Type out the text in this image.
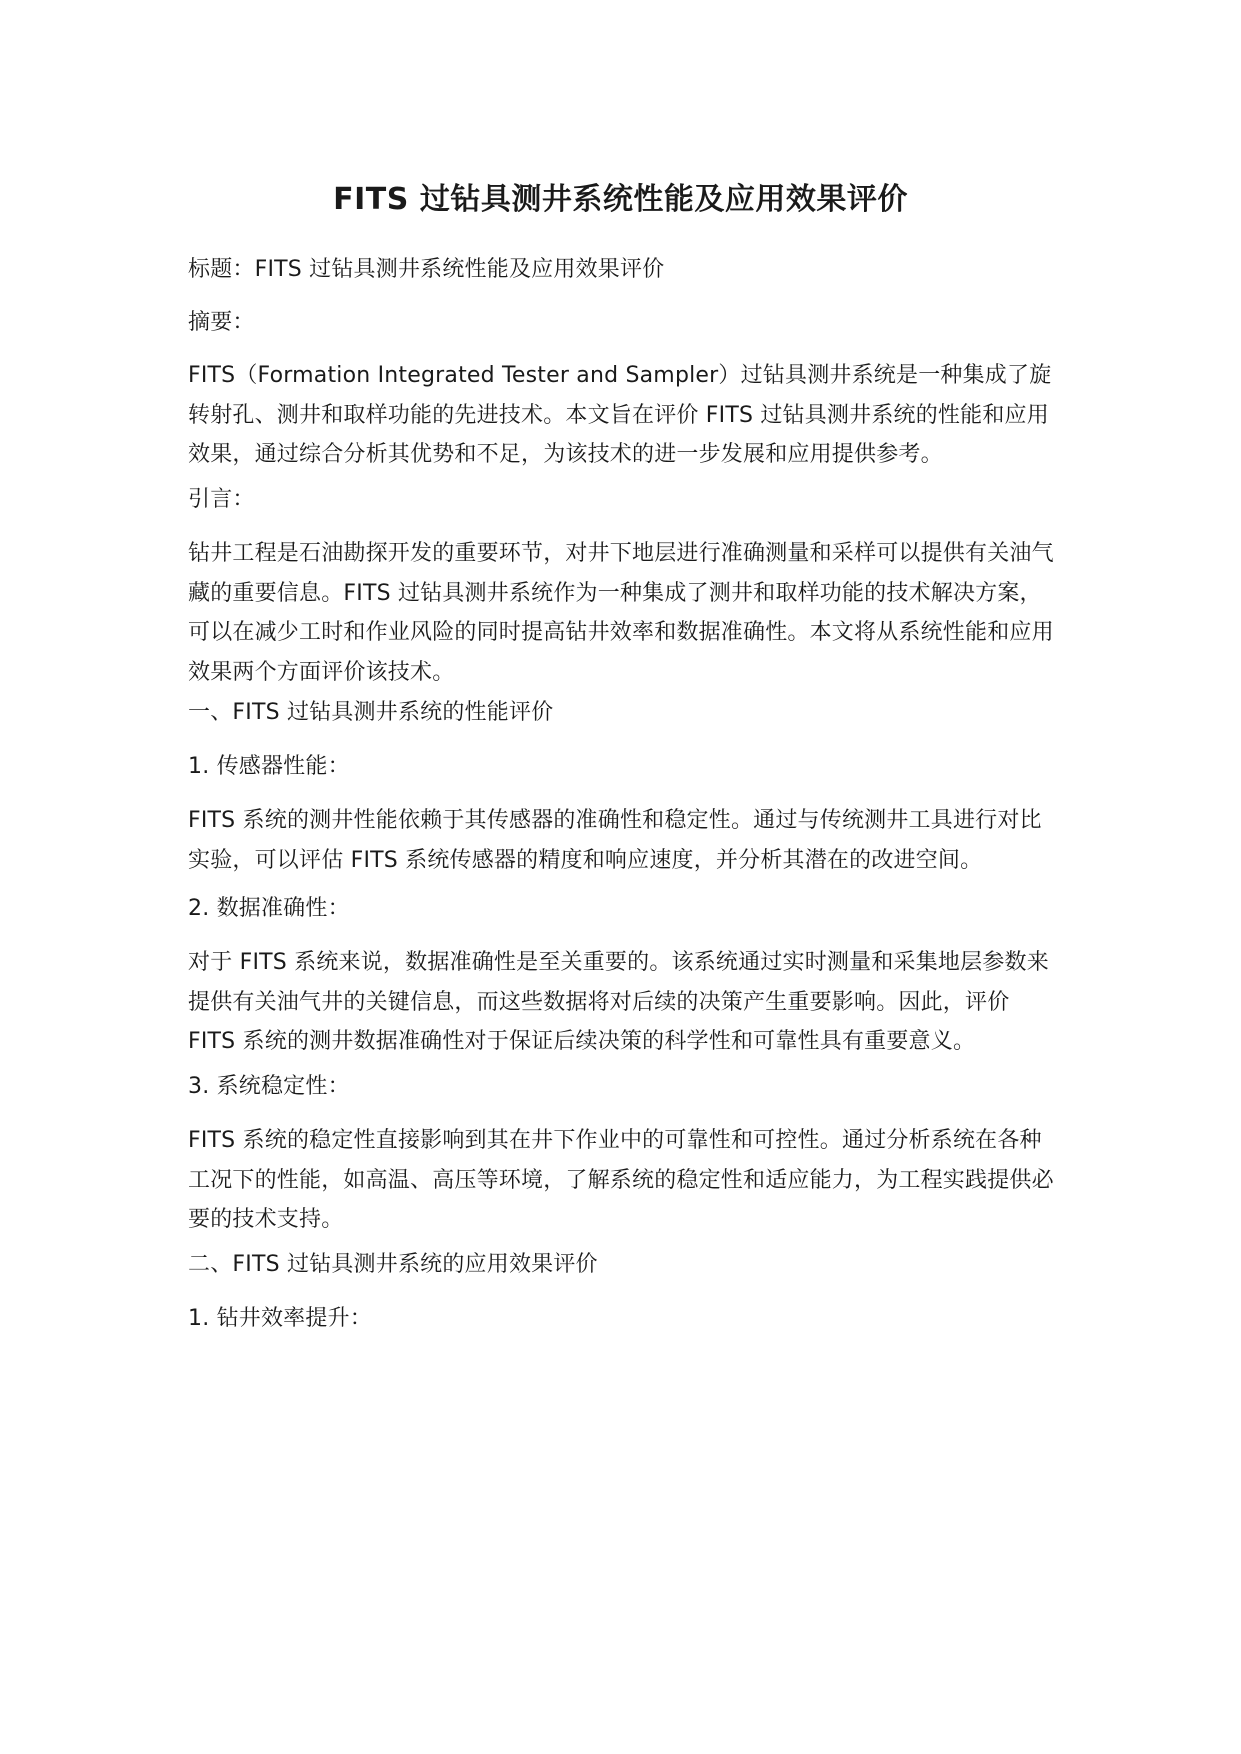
FITS 过钻具测井系统性能及应用效果评价

标题：FITS 过钻具测井系统性能及应用效果评价

摘要：

FITS（Formation Integrated Tester and Sampler）过钻具测井系统是一种集成了旋转射孔、测井和取样功能的先进技术。本文旨在评价 FITS 过钻具测井系统的性能和应用效果，通过综合分析其优势和不足，为该技术的进一步发展和应用提供参考。

引言：

钻井工程是石油勘探开发的重要环节，对井下地层进行准确测量和采样可以提供有关油气藏的重要信息。FITS 过钻具测井系统作为一种集成了测井和取样功能的技术解决方案，可以在减少工时和作业风险的同时提高钻井效率和数据准确性。本文将从系统性能和应用效果两个方面评价该技术。

一、FITS 过钻具测井系统的性能评价

1. 传感器性能：

FITS 系统的测井性能依赖于其传感器的准确性和稳定性。通过与传统测井工具进行对比实验，可以评估 FITS 系统传感器的精度和响应速度，并分析其潜在的改进空间。

2. 数据准确性：

对于 FITS 系统来说，数据准确性是至关重要的。该系统通过实时测量和采集地层参数来提供有关油气井的关键信息，而这些数据将对后续的决策产生重要影响。因此，评价 FITS 系统的测井数据准确性对于保证后续决策的科学性和可靠性具有重要意义。

3. 系统稳定性：

FITS 系统的稳定性直接影响到其在井下作业中的可靠性和可控性。通过分析系统在各种工况下的性能，如高温、高压等环境，了解系统的稳定性和适应能力，为工程实践提供必要的技术支持。

二、FITS 过钻具测井系统的应用效果评价

1. 钻井效率提升：
